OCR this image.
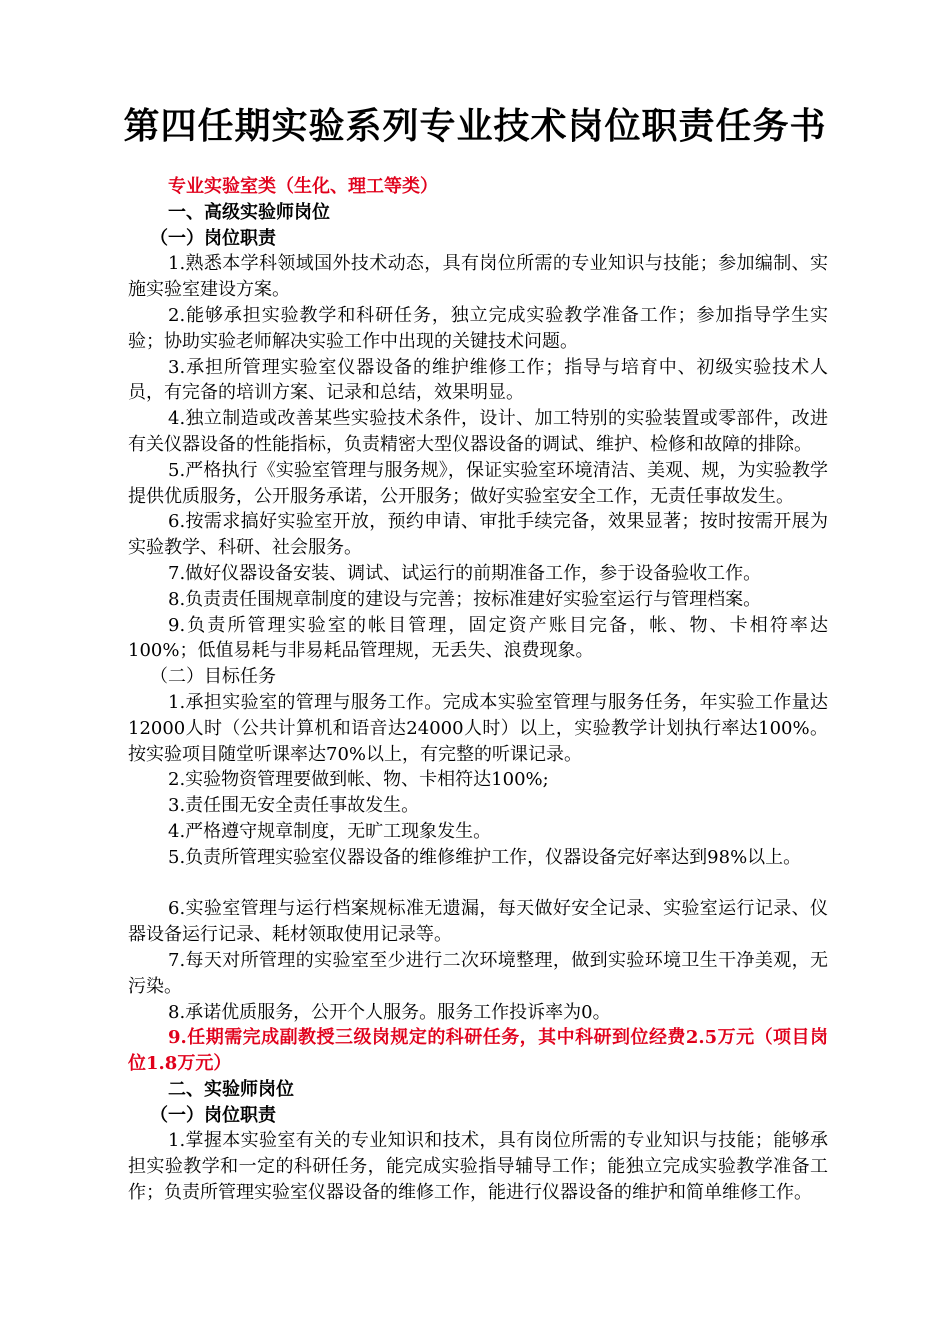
第四任期实验系列专业技术岗位职责任务书

专业实验室类（生化、理工等类）

一、高级实验师岗位

（一）岗位职责

1.熟悉本学科领域国外技术动态，具有岗位所需的专业知识与技能；参加编制、实施实验室建设方案。

2.能够承担实验教学和科研任务，独立完成实验教学准备工作；参加指导学生实验；协助实验老师解决实验工作中出现的关键技术问题。

3.承担所管理实验室仪器设备的维护维修工作；指导与培育中、初级实验技术人员，有完备的培训方案、记录和总结，效果明显。

4.独立制造或改善某些实验技术条件，设计、加工特别的实验装置或零部件，改进有关仪器设备的性能指标，负责精密大型仪器设备的调试、维护、检修和故障的排除。

5.严格执行《实验室管理与服务规》，保证实验室环境清洁、美观、规，为实验教学提供优质服务，公开服务承诺，公开服务；做好实验室安全工作，无责任事故发生。

6.按需求搞好实验室开放，预约申请、审批手续完备，效果显著；按时按需开展为实验教学、科研、社会服务。

7.做好仪器设备安装、调试、试运行的前期准备工作，参于设备验收工作。

8.负责责任围规章制度的建设与完善；按标准建好实验室运行与管理档案。

9.负责所管理实验室的帐目管理，固定资产账目完备，帐、物、卡相符率达100%；低值易耗与非易耗品管理规，无丢失、浪费现象。

（二）目标任务

1.承担实验室的管理与服务工作。完成本实验室管理与服务任务，年实验工作量达12000人时（公共计算机和语音达24000人时）以上，实验教学计划执行率达100%。按实验项目随堂听课率达70%以上，有完整的听课记录。

2.实验物资管理要做到帐、物、卡相符达100%;

3.责任围无安全责任事故发生。

4.严格遵守规章制度，无旷工现象发生。

5.负责所管理实验室仪器设备的维修维护工作，仪器设备完好率达到98%以上。

6.实验室管理与运行档案规标准无遗漏，每天做好安全记录、实验室运行记录、仪器设备运行记录、耗材领取使用记录等。

7.每天对所管理的实验室至少进行二次环境整理，做到实验环境卫生干净美观，无污染。

8.承诺优质服务，公开个人服务。服务工作投诉率为0。

9.任期需完成副教授三级岗规定的科研任务，其中科研到位经费2.5万元（项目岗位1.8万元）

二、实验师岗位

（一）岗位职责

1.掌握本实验室有关的专业知识和技术，具有岗位所需的专业知识与技能；能够承担实验教学和一定的科研任务，能完成实验指导辅导工作；能独立完成实验教学准备工作；负责所管理实验室仪器设备的维修工作，能进行仪器设备的维护和简单维修工作。
